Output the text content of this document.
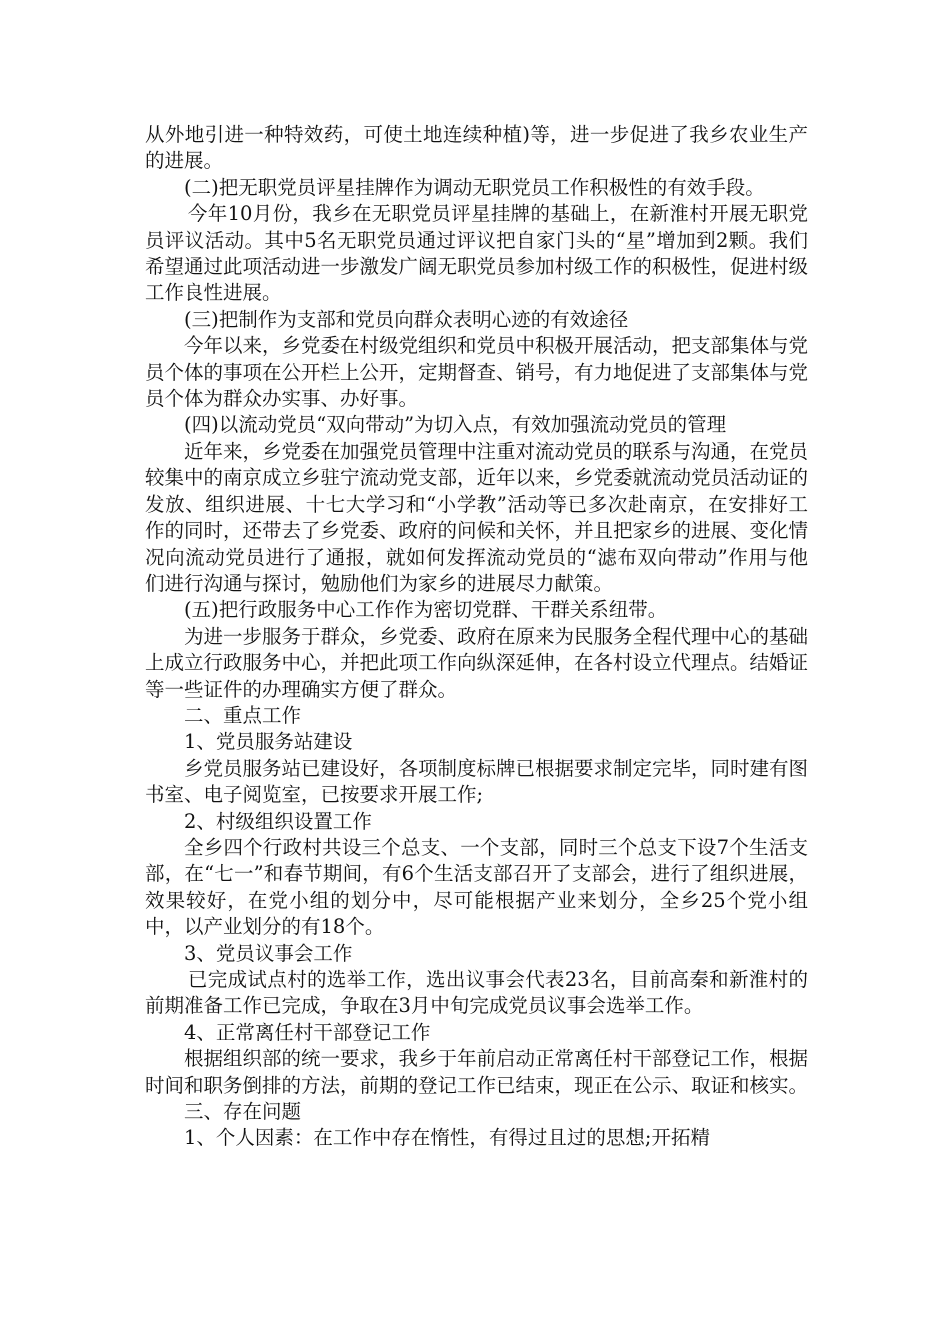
从外地引进一种特效药，可使土地连续种植)等，进一步促进了我乡农业生产的进展。

(二)把无职党员评星挂牌作为调动无职党员工作积极性的有效手段。

今年10月份，我乡在无职党员评星挂牌的基础上，在新淮村开展无职党员评议活动。其中5名无职党员通过评议把自家门头的“星”增加到2颗。我们希望通过此项活动进一步激发广阔无职党员参加村级工作的积极性，促进村级工作良性进展。

(三)把制作为支部和党员向群众表明心迹的有效途径

今年以来，乡党委在村级党组织和党员中积极开展活动，把支部集体与党员个体的事项在公开栏上公开，定期督查、销号，有力地促进了支部集体与党员个体为群众办实事、办好事。

(四)以流动党员“双向带动”为切入点，有效加强流动党员的管理

近年来，乡党委在加强党员管理中注重对流动党员的联系与沟通，在党员较集中的南京成立乡驻宁流动党支部，近年以来，乡党委就流动党员活动证的发放、组织进展、十七大学习和“小学教”活动等已多次赴南京，在安排好工作的同时，还带去了乡党委、政府的问候和关怀，并且把家乡的进展、变化情况向流动党员进行了通报，就如何发挥流动党员的“滤布双向带动”作用与他们进行沟通与探讨，勉励他们为家乡的进展尽力献策。

(五)把行政服务中心工作作为密切党群、干群关系纽带。

为进一步服务于群众，乡党委、政府在原来为民服务全程代理中心的基础上成立行政服务中心，并把此项工作向纵深延伸，在各村设立代理点。结婚证等一些证件的办理确实方便了群众。

二、重点工作

1、党员服务站建设

乡党员服务站已建设好，各项制度标牌已根据要求制定完毕，同时建有图书室、电子阅览室，已按要求开展工作;

2、村级组织设置工作

全乡四个行政村共设三个总支、一个支部，同时三个总支下设7个生活支部，在“七一”和春节期间，有6个生活支部召开了支部会，进行了组织进展，效果较好，在党小组的划分中，尽可能根据产业来划分，全乡25个党小组中，以产业划分的有18个。

3、党员议事会工作

已完成试点村的选举工作，选出议事会代表23名，目前高秦和新淮村的前期准备工作已完成，争取在3月中旬完成党员议事会选举工作。

4、正常离任村干部登记工作

根据组织部的统一要求，我乡于年前启动正常离任村干部登记工作，根据时间和职务倒排的方法，前期的登记工作已结束，现正在公示、取证和核实。

三、存在问题

1、个人因素：在工作中存在惰性，有得过且过的思想;开拓精
